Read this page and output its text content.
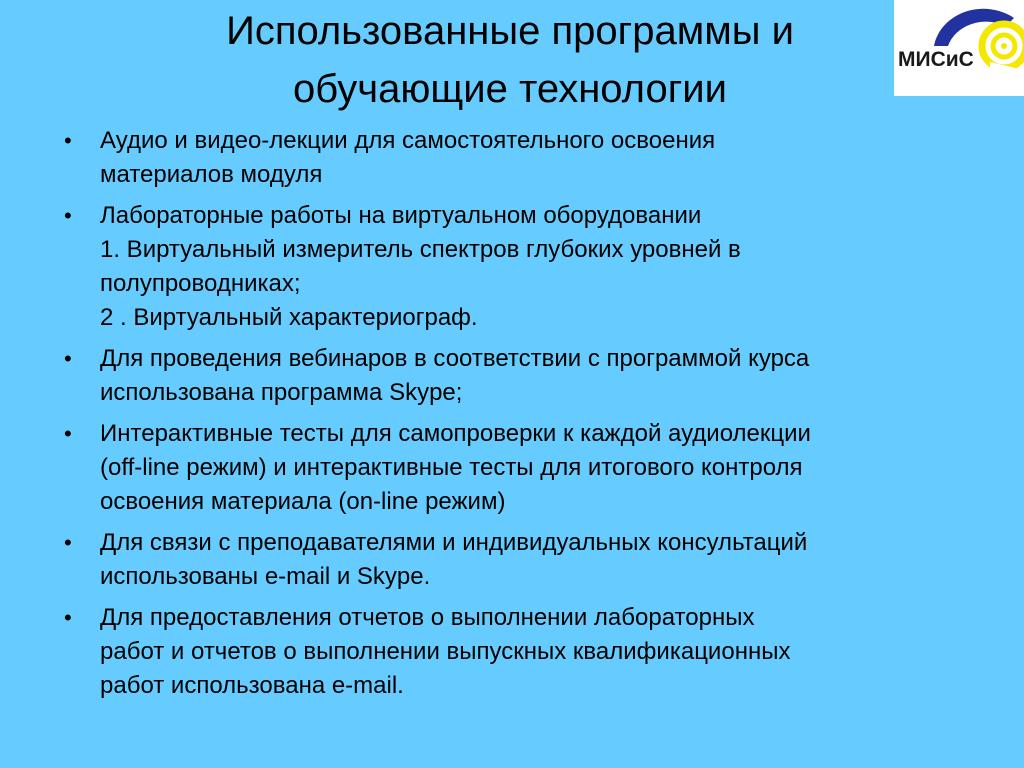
Использованные программы и
обучающие технологии
МИСиС
•	Аудио и видео-лекции для самостоятельного освоения
материалов модуля
•	Лабораторные работы на виртуальном оборудовании
1. Виртуальный измеритель спектров глубоких уровней в
полупроводниках;
2 . Виртуальный характериограф.
•	Для проведения вебинаров в соответствии с программой курса
использована программа Skype;
•	Интерактивные тесты для самопроверки к каждой аудиолекции
(off-line режим) и интерактивные тесты для итогового контроля
освоения материала (on-line режим)
•	Для связи с преподавателями и индивидуальных консультаций
использованы e-mail и Skype.
•	Для предоставления отчетов о выполнении лабораторных
работ и отчетов о выполнении выпускных квалификационных
работ использована e-mail.
